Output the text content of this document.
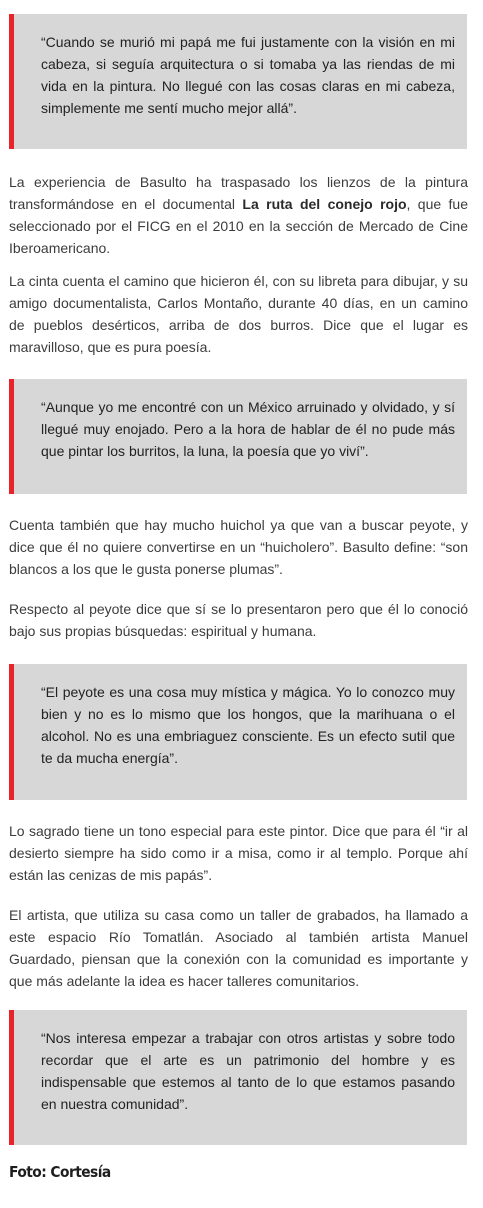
“Cuando se murió mi papá me fui justamente con la visión en mi cabeza, si seguía arquitectura o si tomaba ya las riendas de mi vida en la pintura. No llegué con las cosas claras en mi cabeza, simplemente me sentí mucho mejor allá”.

La experiencia de Basulto ha traspasado los lienzos de la pintura transformándose en el documental La ruta del conejo rojo, que fue seleccionado por el FICG en el 2010 en la sección de Mercado de Cine Iberoamericano.

La cinta cuenta el camino que hicieron él, con su libreta para dibujar, y su amigo documentalista, Carlos Montaño, durante 40 días, en un camino de pueblos desérticos, arriba de dos burros. Dice que el lugar es maravilloso, que es pura poesía.

“Aunque yo me encontré con un México arruinado y olvidado, y sí llegué muy enojado. Pero a la hora de hablar de él no pude más que pintar los burritos, la luna, la poesía que yo viví”.

Cuenta también que hay mucho huichol ya que van a buscar peyote, y dice que él no quiere convertirse en un “huicholero”. Basulto define: “son blancos a los que le gusta ponerse plumas”.

Respecto al peyote dice que sí se lo presentaron pero que él lo conoció bajo sus propias búsquedas: espiritual y humana.

“El peyote es una cosa muy mística y mágica. Yo lo conozco muy bien y no es lo mismo que los hongos, que la marihuana o el alcohol. No es una embriaguez consciente. Es un efecto sutil que te da mucha energía”.

Lo sagrado tiene un tono especial para este pintor. Dice que para él “ir al desierto siempre ha sido como ir a misa, como ir al templo. Porque ahí están las cenizas de mis papás”.

El artista, que utiliza su casa como un taller de grabados, ha llamado a este espacio Río Tomatlán. Asociado al también artista Manuel Guardado, piensan que la conexión con la comunidad es importante y que más adelante la idea es hacer talleres comunitarios.

“Nos interesa empezar a trabajar con otros artistas y sobre todo recordar que el arte es un patrimonio del hombre y es indispensable que estemos al tanto de lo que estamos pasando en nuestra comunidad”.

Foto: Cortesía
